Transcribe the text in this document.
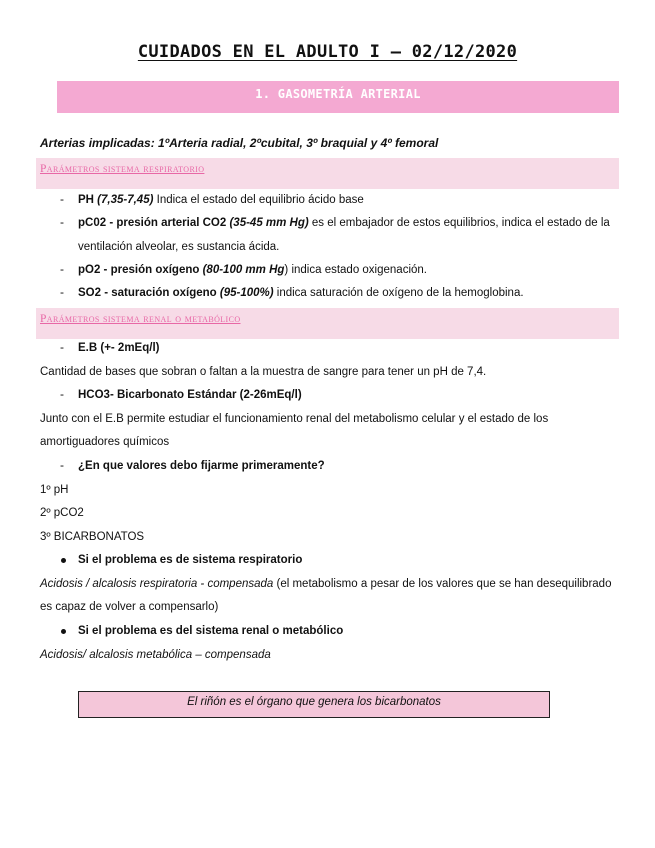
CUIDADOS EN EL ADULTO I – 02/12/2020
1. GASOMETRÍA ARTERIAL
Arterias implicadas: 1ºArteria radial, 2ºcubital, 3º braquial y 4º femoral
Parámetros sistema respiratorio
- PH (7,35-7,45) Indica el estado del equilibrio ácido base
- pC02 - presión arterial CO2 (35-45 mm Hg) es el embajador de estos equilibrios, indica el estado de la
ventilación alveolar, es sustancia ácida.
- pO2 - presión oxígeno (80-100 mm Hg) indica estado oxigenación.
- SO2 - saturación oxígeno (95-100%) indica saturación de oxígeno de la hemoglobina.
Parámetros sistema renal o metabólico
- E.B (+- 2mEq/l)
Cantidad de bases que sobran o faltan a la muestra de sangre para tener un pH de 7,4.
- HCO3- Bicarbonato Estándar (2-26mEq/l)
Junto con el E.B permite estudiar el funcionamiento renal del metabolismo celular y el estado de los
amortiguadores químicos
- ¿En que valores debo fijarme primeramente?
1º pH
2º pCO2
3º BICARBONATOS
Si el problema es de sistema respiratorio
Acidosis / alcalosis respiratoria - compensada (el metabolismo a pesar de los valores que se han desequilibrado
es capaz de volver a compensarlo)
Si el problema es del sistema renal o metabólico
Acidosis/ alcalosis metabólica – compensada
El riñón es el órgano que genera los bicarbonatos
